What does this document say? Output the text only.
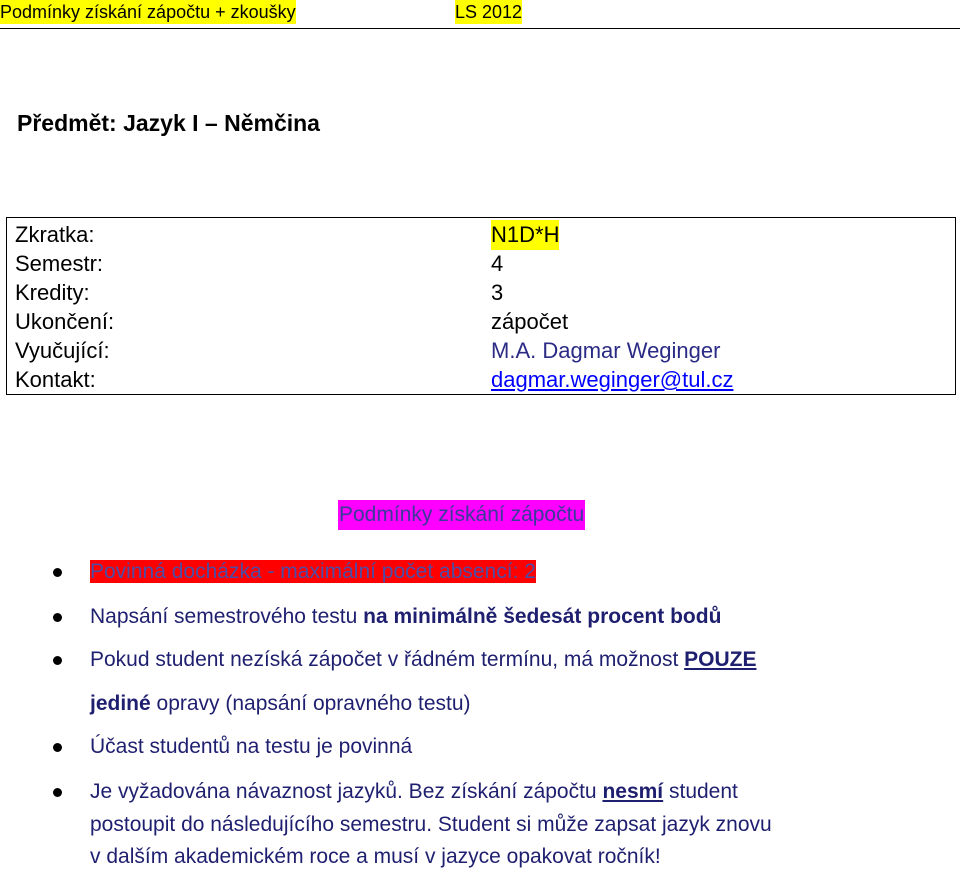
Podmínky získání zápočtu + zkoušky	LS 2012
Předmět: Jazyk I – Němčina
Zkratka:	N1D*H
Semestr:	4
Kredity:	3
Ukončení:	zápočet
Vyučující:	M.A. Dagmar Weginger
Kontakt:	dagmar.weginger@tul.cz
Podmínky získání zápočtu
Povinná docházka - maximální počet absencí: 2
Napsání semestrového testu na minimálně šedesát procent bodů
Pokud student nezíská zápočet v řádném termínu, má možnost POUZE
jediné opravy (napsání opravného testu)
Účast studentů na testu je povinná
Je vyžadována návaznost jazyků. Bez získání zápočtu nesmí student
postoupit do následujícího semestru. Student si může zapsat jazyk znovu
v dalším akademickém roce a musí v jazyce opakovat ročník!
